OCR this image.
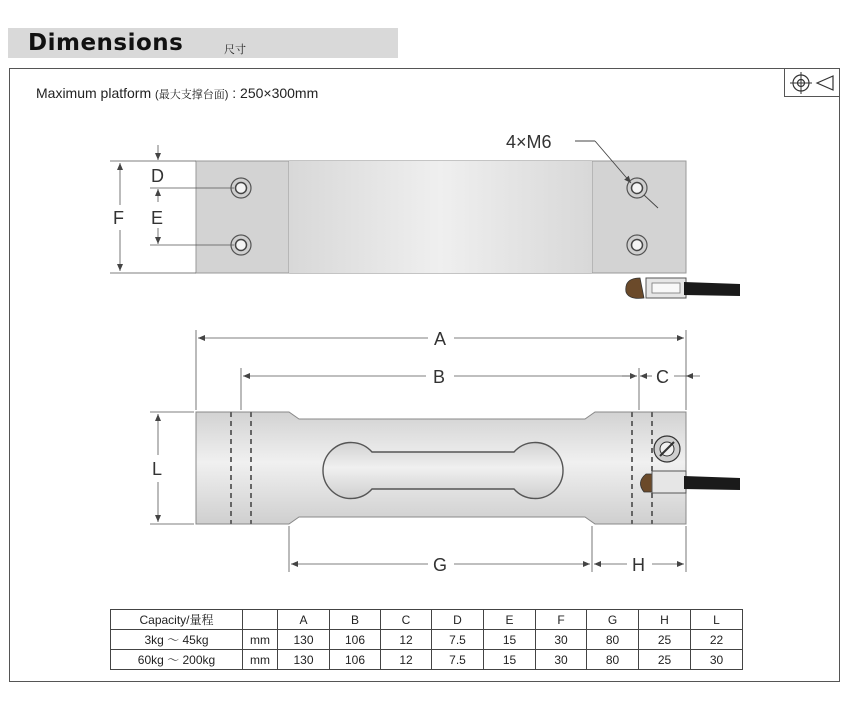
Dimensions	尺寸
Maximum platform (最大支撑台面) : 250×300mm
D
F E
4×M6
A
B	C
L
G	H
Capacity/量程		A	B	C	D	E	F	G	H	L
3kg ～ 45kg	mm	130	106	12	7.5	15	30	80	25	22
60kg ～ 200kg	mm	130	106	12	7.5	15	30	80	25	30
